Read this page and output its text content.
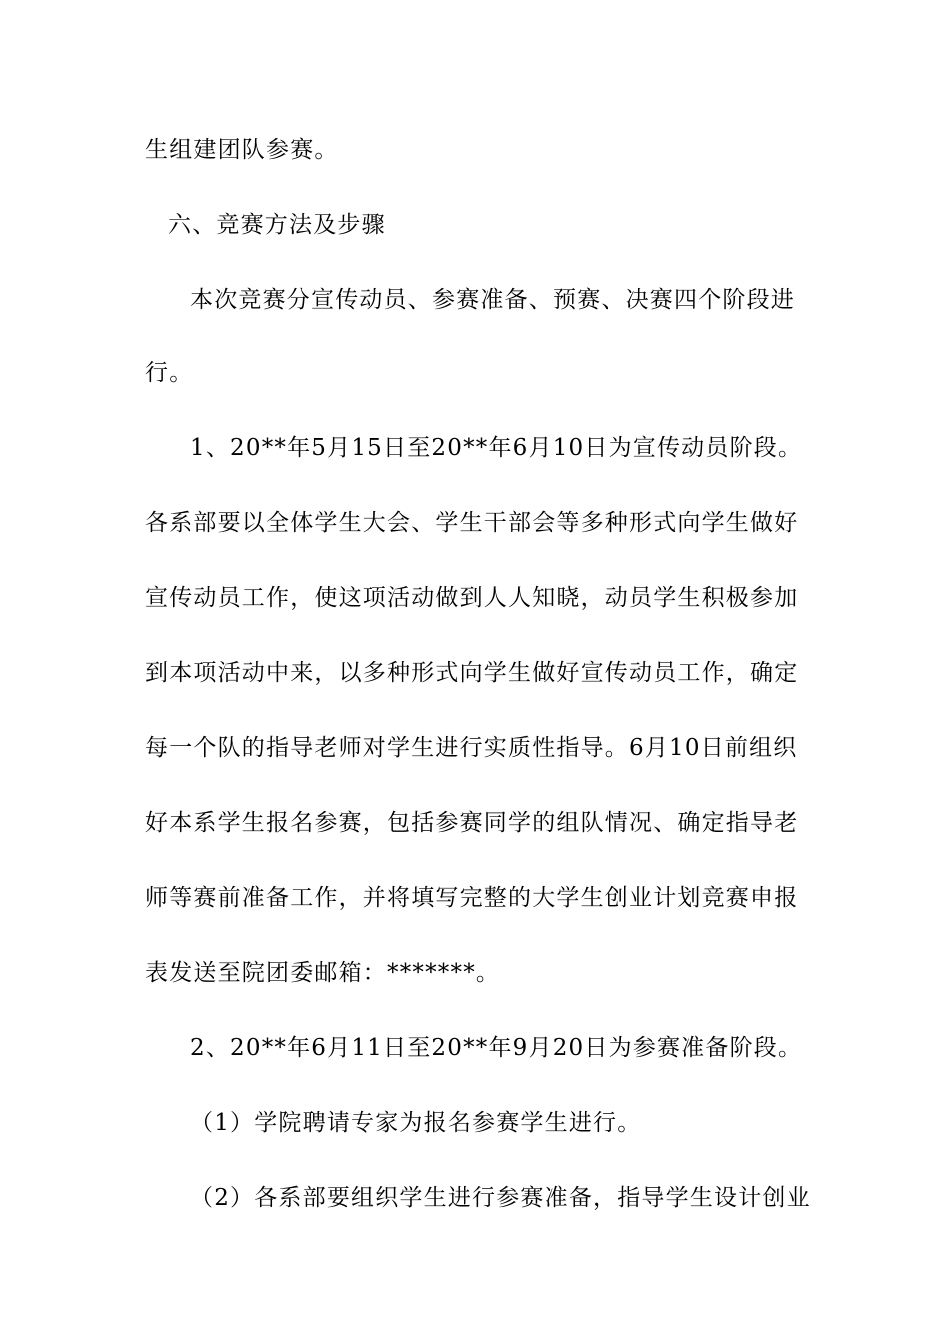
生组建团队参赛。
六、竞赛方法及步骤
本次竞赛分宣传动员、参赛准备、预赛、决赛四个阶段进
行。
1、20**年5月15日至20**年6月10日为宣传动员阶段。
各系部要以全体学生大会、学生干部会等多种形式向学生做好
宣传动员工作，使这项活动做到人人知晓，动员学生积极参加
到本项活动中来，以多种形式向学生做好宣传动员工作，确定
每一个队的指导老师对学生进行实质性指导。6月10日前组织
好本系学生报名参赛，包括参赛同学的组队情况、确定指导老
师等赛前准备工作，并将填写完整的大学生创业计划竞赛申报
表发送至院团委邮箱：*******。
2、20**年6月11日至20**年9月20日为参赛准备阶段。
（1）学院聘请专家为报名参赛学生进行。
（2）各系部要组织学生进行参赛准备，指导学生设计创业
